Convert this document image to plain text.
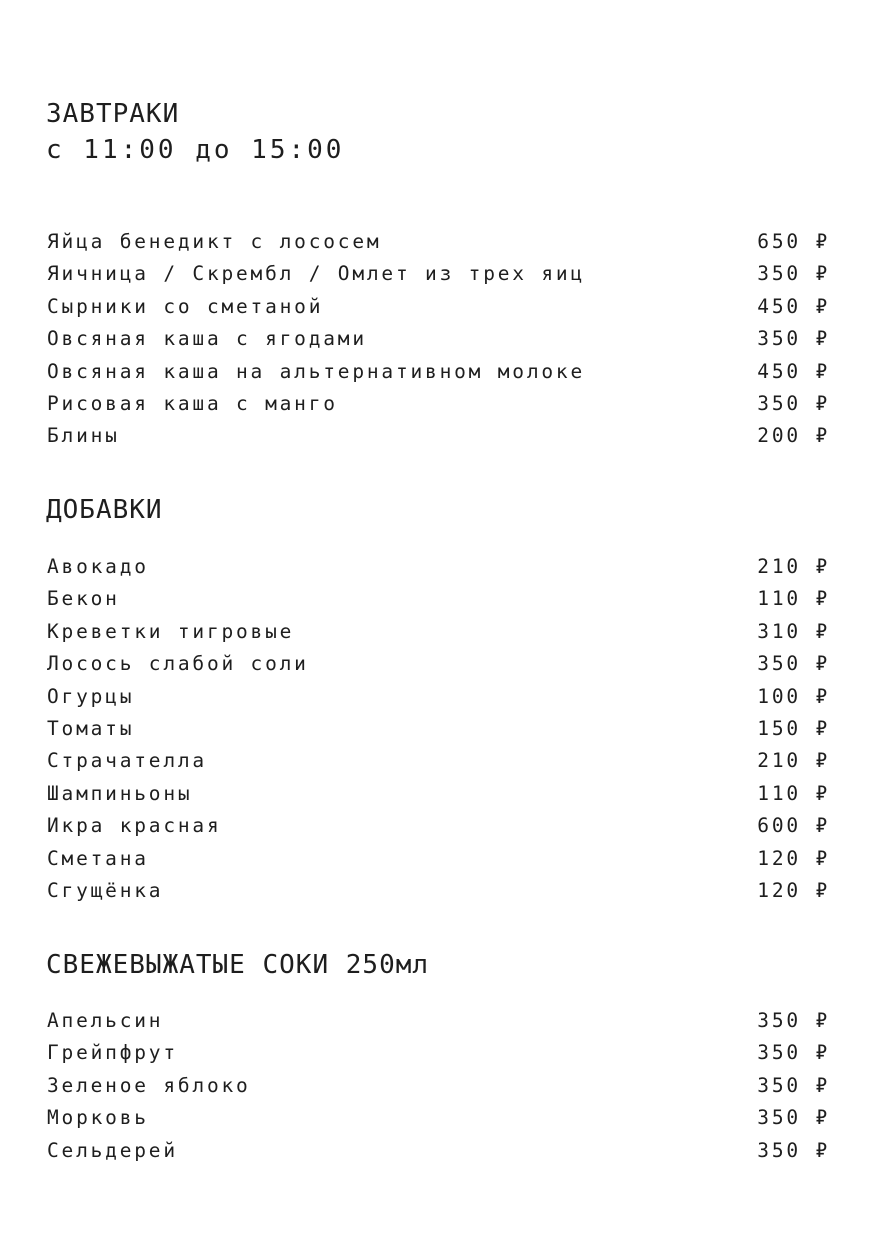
ЗАВТРАКИ
с 11:00 до 15:00
Яйца бенедикт с лососем	650 ₽
Яичница / Скрембл / Омлет из трех яиц	350 ₽
Сырники со сметаной	450 ₽
Овсяная каша с ягодами	350 ₽
Овсяная каша на альтернативном молоке	450 ₽
Рисовая каша с манго	350 ₽
Блины	200 ₽
ДОБАВКИ
Авокадо	210 ₽
Бекон	110 ₽
Креветки тигровые	310 ₽
Лосось слабой соли	350 ₽
Огурцы	100 ₽
Томаты	150 ₽
Страчателла	210 ₽
Шампиньоны	110 ₽
Икра красная	600 ₽
Сметана	120 ₽
Сгущёнка	120 ₽
СВЕЖЕВЫЖАТЫЕ СОКИ 250мл
Апельсин	350 ₽
Грейпфрут	350 ₽
Зеленое яблоко	350 ₽
Морковь	350 ₽
Сельдерей	350 ₽
